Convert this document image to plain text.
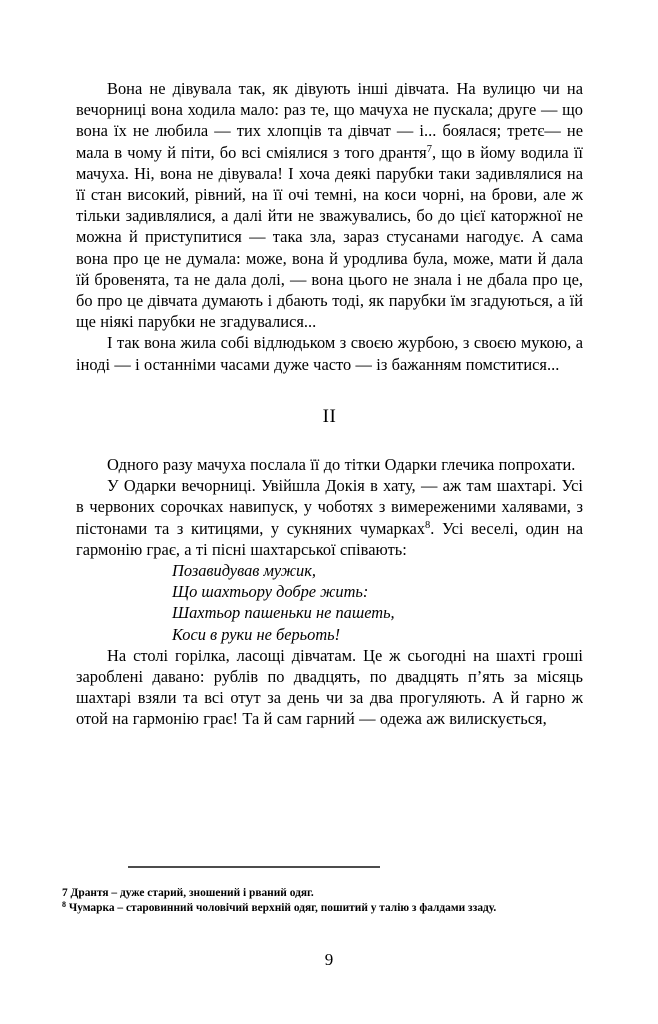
Вона не дівувала так, як дівують інші дівчата. На вулицю чи на вечорниці вона ходила мало: раз те, що мачуха не пускала; друге — що вона їх не любила — тих хлопців та дівчат — і... боялася; третє— не мала в чому й піти, бо всі сміялися з того дрантя$^7$, що в йому водила її мачуха. Ні, вона не дівувала! І хоча деякі парубки таки задивлялися на її стан високий, рівний, на її очі темні, на коси чорні, на брови, але ж тільки задивлялися, а далі йти не зважувались, бо до цієї каторжної не можна й приступитися — така зла, зараз стусанами нагодує. А сама вона про це не думала: може, вона й уродлива була, може, мати й дала їй бровенята, та не дала долі, — вона цього не знала і не дбала про це, бо про це дівчата думають і дбають тоді, як парубки їм згадуються, а їй ще ніякі парубки не згадувалися...

І так вона жила собі відлюдьком з своєю журбою, з своєю мукою, а іноді — і останніми часами дуже часто — із бажанням помститися...

II

Одного разу мачуха послала її до тітки Одарки глечика попрохати.

У Одарки вечорниці. Увійшла Докія в хату, — аж там шахтарі. Усі в червоних сорочках навипуск, у чоботях з вимереженими халявами, з пістонами та з китицями, у сукняних чумарках$^8$. Усі веселі, один на гармонію грає, а ті пісні шахтарської співають:

Позавидував мужик,
Що шахтьору добре жить:
Шахтьор пашеньки не пашеть,
Коси в руки не берьоть!

На столі горілка, ласощі дівчатам. Це ж сьогодні на шахті гроші зароблені давано: рублів по двадцять, по двадцять п’ять за місяць шахтарі взяли та всі отут за день чи за два прогуляють. А й гарно ж отой на гармонію грає! Та й сам гарний — одежа аж вилискується,

7 Дрантя – дуже старий, зношений і рваний одяг.

$^8$ Чумарка – старовинний чоловічий верхній одяг, пошитий у талію з фалдами ззаду.

9
